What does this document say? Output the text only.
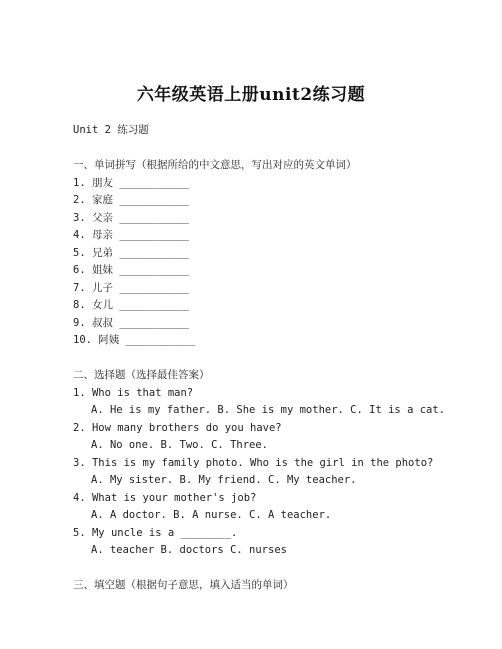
六年级英语上册unit2练习题
Unit 2 练习题
一、单词拼写（根据所给的中文意思，写出对应的英文单词）
1. 朋友 ___________
2. 家庭 ___________
3. 父亲 ___________
4. 母亲 ___________
5. 兄弟 ___________
6. 姐妹 ___________
7. 儿子 ___________
8. 女儿 ___________
9. 叔叔 ___________
10. 阿姨 ___________
二、选择题（选择最佳答案）
1. Who is that man?
A. He is my father. B. She is my mother. C. It is a cat.
2. How many brothers do you have?
A. No one. B. Two. C. Three.
3. This is my family photo. Who is the girl in the photo?
A. My sister. B. My friend. C. My teacher.
4. What is your mother's job?
A. A doctor. B. A nurse. C. A teacher.
5. My uncle is a ________.
A. teacher B. doctors C. nurses
三、填空题（根据句子意思，填入适当的单词）
